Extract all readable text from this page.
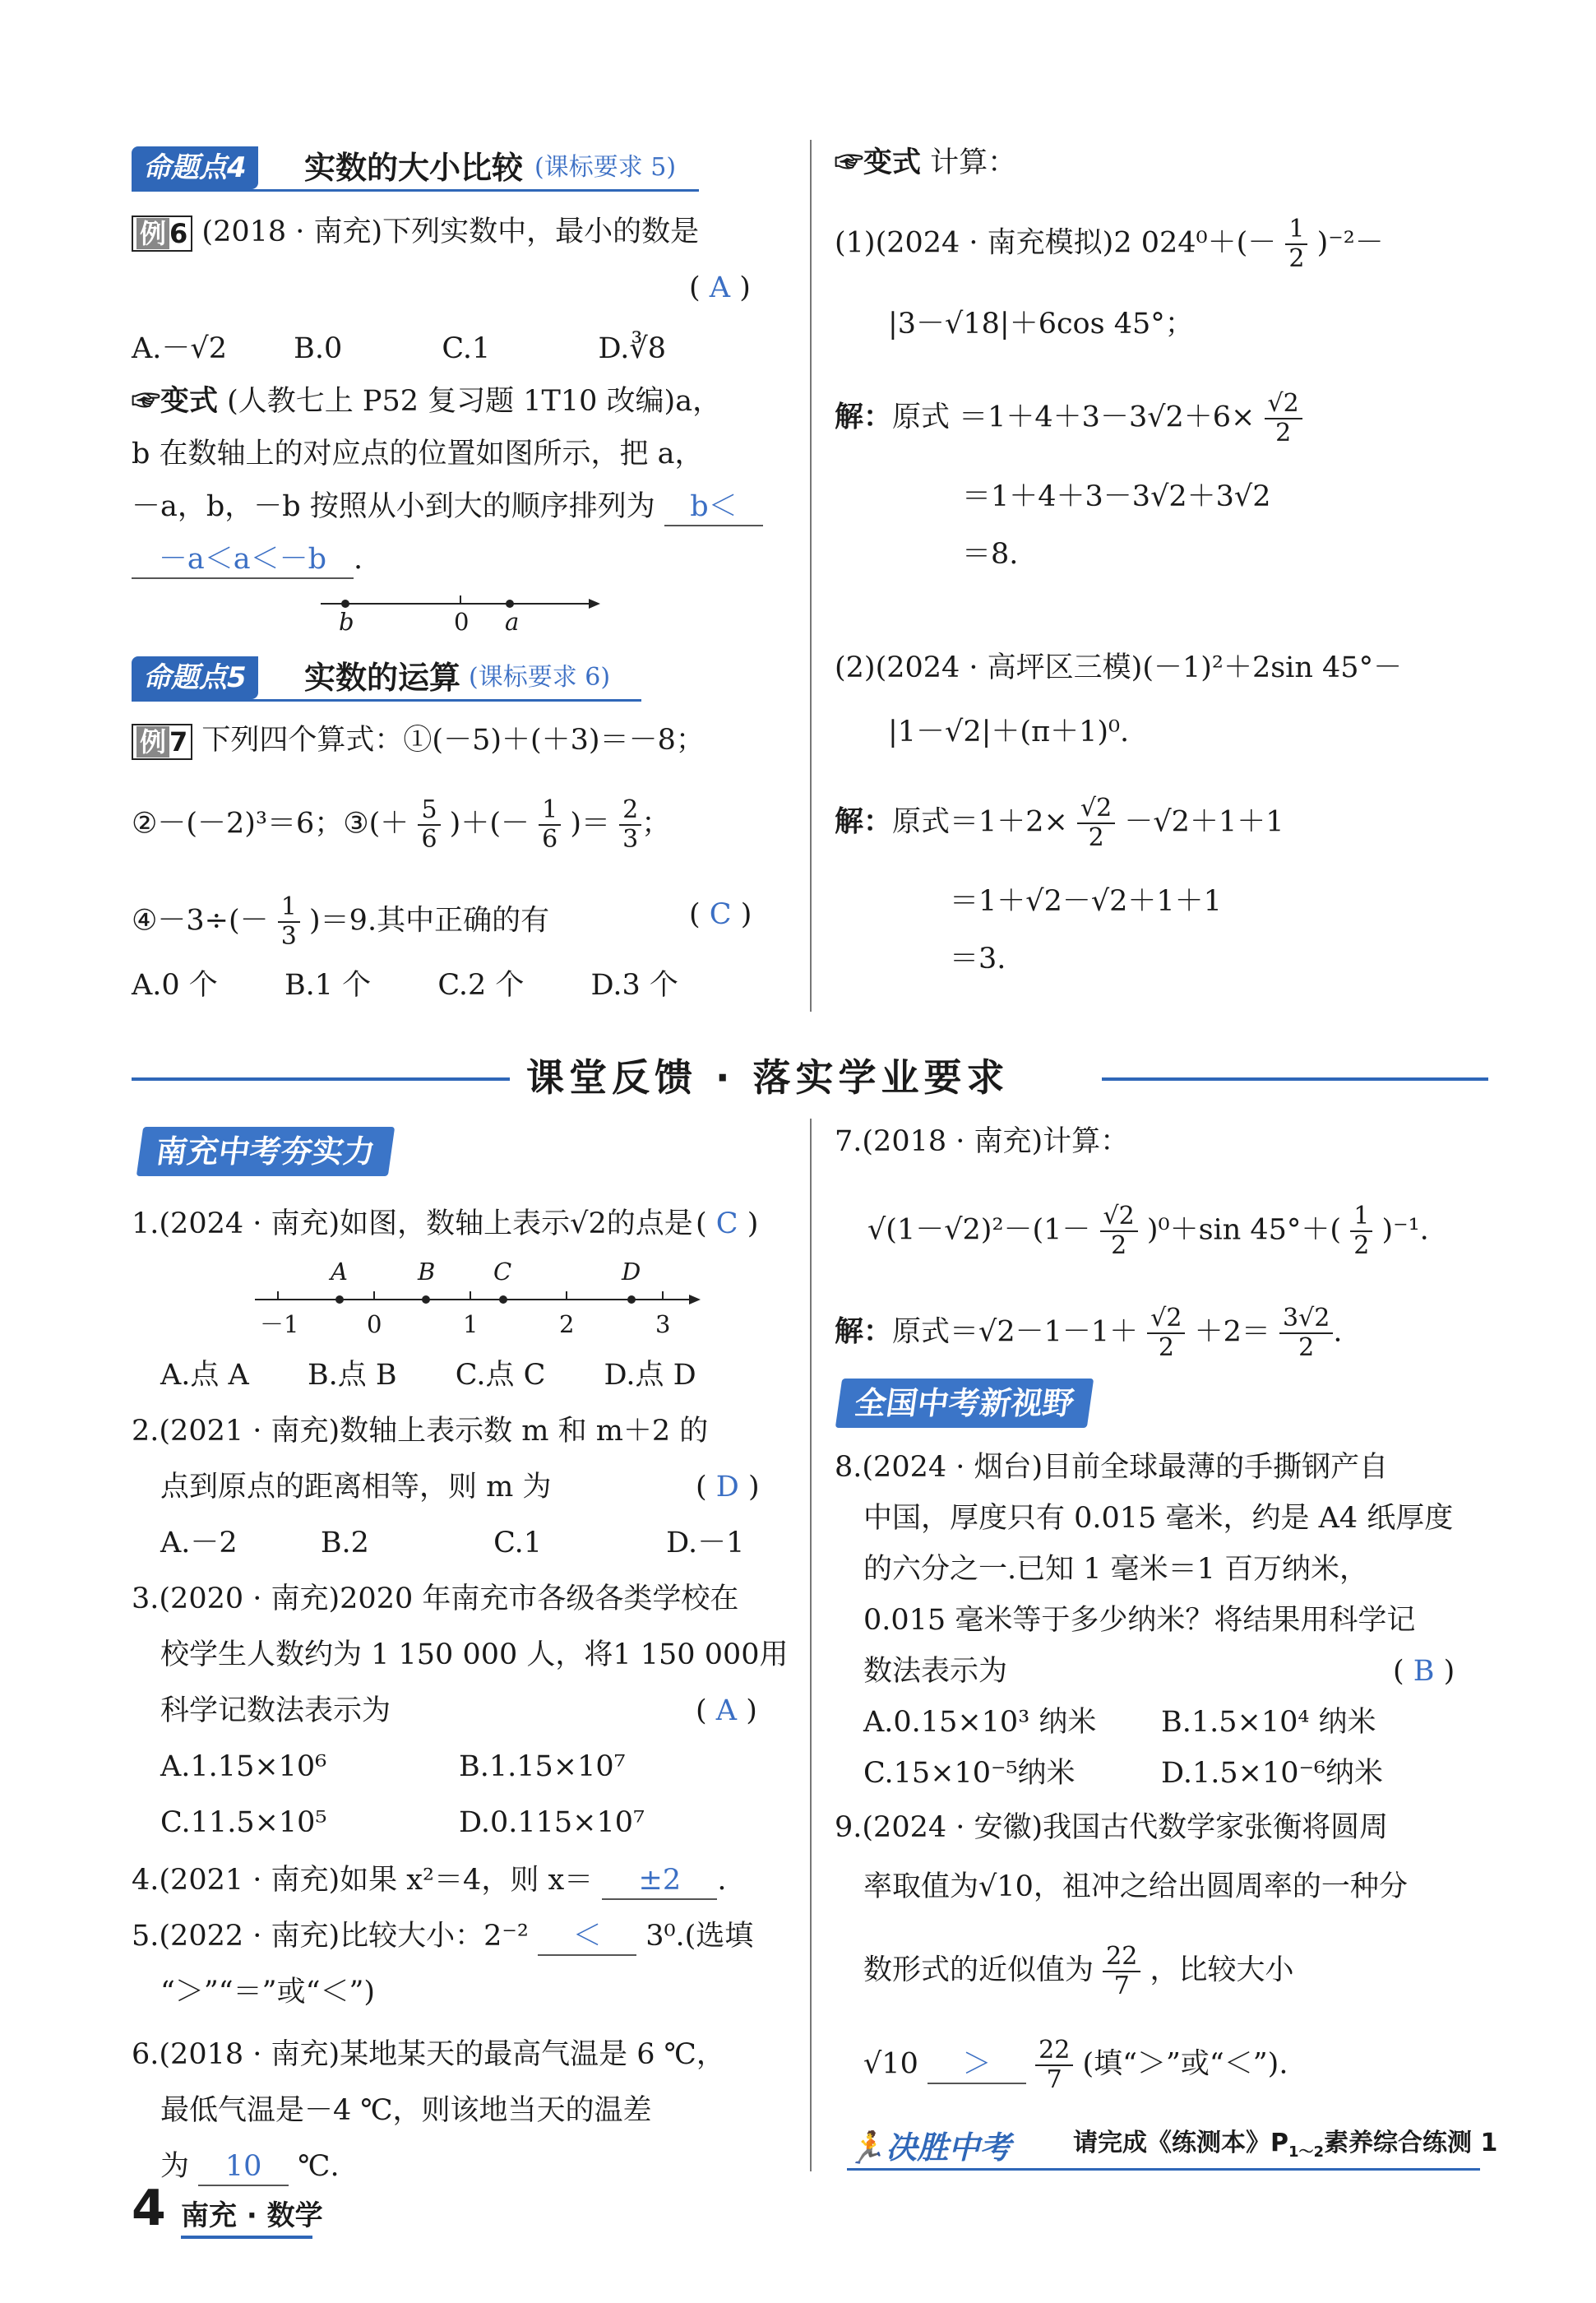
命题点4	实数的大小比较 (课标要求 5)
例 6 (2018 · 南充)下列实数中，最小的数是
( A )
A.－√2 B.0	C.1	D.∛8
☞变式 (人教七上 P52 复习题 1T10 改编)a，
b 在数轴上的对应点的位置如图所示，把 a，
－a，b，－b 按照从小到大的顺序排列为 b＜
－a＜a＜－b .
b	0 a
命题点5	实数的运算 (课标要求 6)
例 7 下列四个算式：①(－5)＋(＋3)＝－8；
②－(－2)³＝6；③(＋ $\frac{5}{6}$ )＋(－ $\frac{1}{6}$ )＝ $\frac{2}{3}$ ；
④－3÷(－ $\frac{1}{3} )=9$.其中正确的有	( C )
A.0 个 B.1 个 C.2 个 D.3 个
☞变式 计算：
(1)(2024 · 南充模拟)2 $024^0+(- \frac{1}{2} )^{-2}-$
|3－√18|＋6cos 45°；
解：原式 $=1+4+3-3√2+6\times \frac{√2}{2}$
＝1＋4＋3－3√2＋3√2
＝8.
(2)(2024 · 高坪区三模)(－1)²＋2sin 45°－
|1－√2|＋(π＋1)⁰.
解：原式$=1+2\times \frac{√2}{2} -√2+1+1$
＝1＋√2－√2＋1＋1
＝3.
课堂反馈 · 落实学业要求
南充中考夯实力
1.(2024 · 南充)如图，数轴上表示√2的点是 ( C )
A	B C	D
－1	0	1	2	3
A.点 A B.点 B C.点 C D.点 D
2.(2021 · 南充)数轴上表示数 m 和 m＋2 的
点到原点的距离相等，则 m 为	( D )
A.－2	B.2	C.1	D.－1
3.(2020 · 南充)2020 年南充市各级各类学校在
校学生人数约为 1 150 000 人，将1 150 000用
科学记数法表示为	( A )
A.1.15×10⁶	B.1.15×10⁷
C.11.5×10⁵	D.0.115×10⁷
4.(2021 · 南充)如果 x²＝4，则 x＝ ±2 .
5.(2022 · 南充)比较大小：2⁻² ＜ 3⁰.(选填
“＞”“＝”或“＜”)
6.(2018 · 南充)某地某天的最高气温是 6 ℃，
最低气温是－4 ℃，则该地当天的温差
为 10 ℃.
7.(2018 · 南充)计算：
$√(1-√2)^2-(1- \frac{√2}{2} )^0+\sin$ $45^\circ+( \frac{1}{2} )^{-1}$.
解：原式$=√2-1-1+ \frac{√2}{2} +2= \frac{3√2}{2}$ .
全国中考新视野
8.(2024 · 烟台)目前全球最薄的手撕钢产自
中国，厚度只有 0.015 毫米，约是 A4 纸厚度
的六分之一.已知 1 毫米＝1 百万纳米，
0.015 毫米等于多少纳米？将结果用科学记
数法表示为	( B )
A.0.15×10³ 纳米 B.1.5×10⁴ 纳米
C.15×10⁻⁵纳米	D.1.5×10⁻⁶纳米
9.(2024 · 安徽)我国古代数学家张衡将圆周
率取值为√10，祖冲之给出圆周率的一种分
数形式的近似值为 $\frac{22}{7}$ ，比较大小
$√10 > \frac{22}{7}$ (填“＞”或“＜”).
🏃决胜中考	请完成《练测本》$P_{1\sim 2}$素养综合练测 1
4 南充 · 数学
